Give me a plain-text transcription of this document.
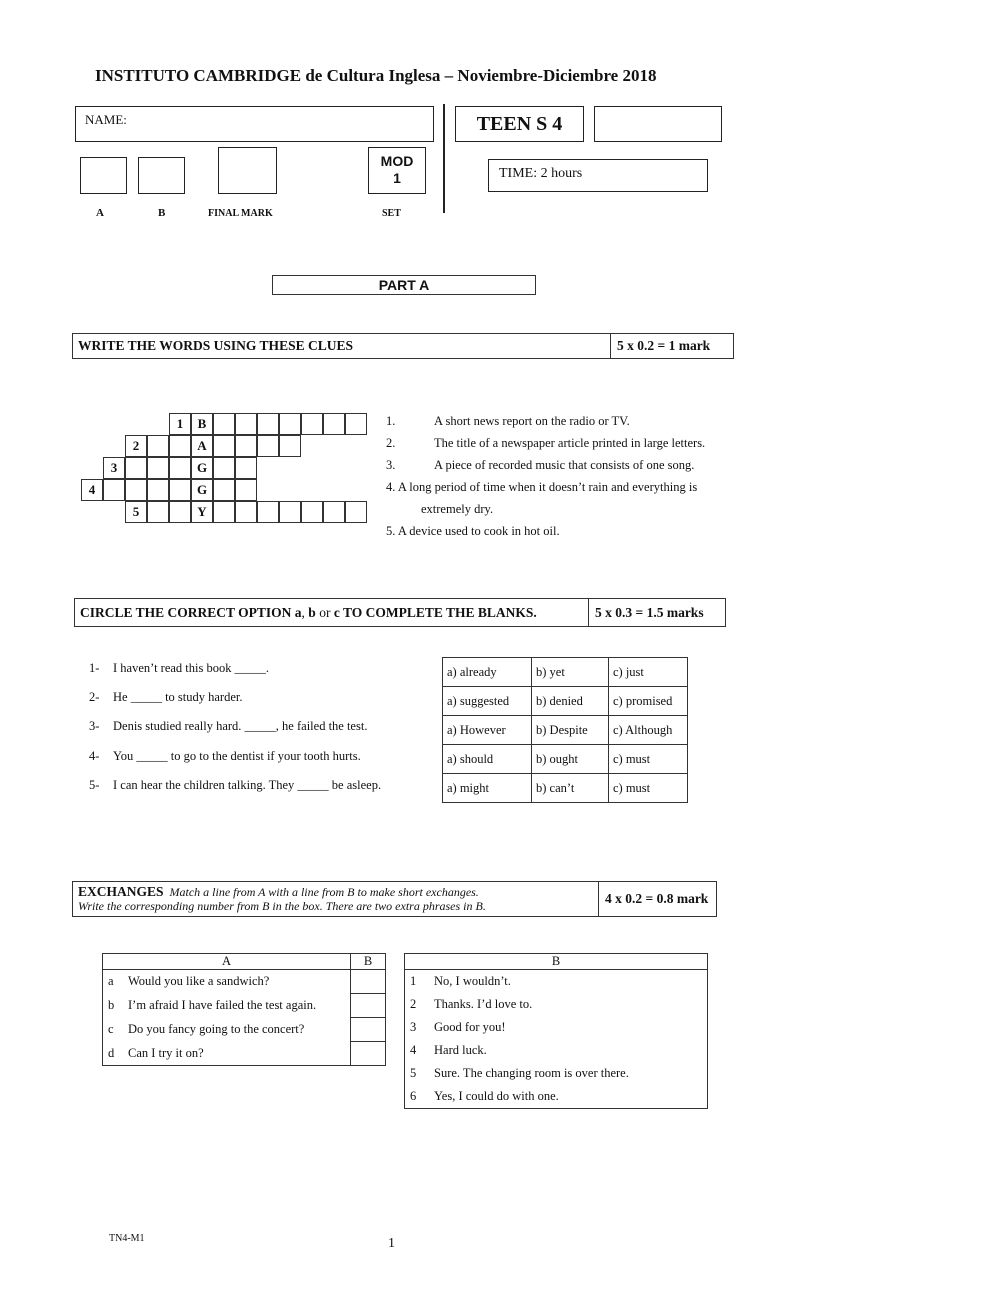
INSTITUTO CAMBRIDGE de Cultura Inglesa – Noviembre-Diciembre 2018
NAME:	TEEN S 4
MOD
1	TIME: 2 hours
A	B	FINAL MARK	SET
PART A
WRITE THE WORDS USING THESE CLUES	5 x 0.2 = 1 mark
1	B
2	A
3	G
4	G
5	Y
1.	A short news report on the radio or TV.
2.	The title of a newspaper article printed in large letters.
3.	A piece of recorded music that consists of one song.
4. A long period of time when it doesn’t rain and everything is
extremely dry.
5. A device used to cook in hot oil.
CIRCLE THE CORRECT OPTION a, b or c TO COMPLETE THE BLANKS.	5 x 0.3 = 1.5 marks
1- I haven’t read this book _____.
2- He _____ to study harder.
3- Denis studied really hard. _____, he failed the test.
4- You _____ to go to the dentist if your tooth hurts.
5- I can hear the children talking. They _____ be asleep.
a) already	b) yet	c) just
a) suggested	b) denied	c) promised
a) However	b) Despite	c) Although
a) should	b) ought	c) must
a) might	b) can’t	c) must
EXCHANGES Match a line from A with a line from B to make short exchanges.
Write the corresponding number from B in the box. There are two extra phrases in B.	4 x 0.2 = 0.8 mark
A		B
a	Would you like a sandwich?	
b	I’m afraid I have failed the test again.	
c	Do you fancy going to the concert?	
d	Can I try it on?	
B	
1	No, I wouldn’t.
2	Thanks. I’d love to.
3	Good for you!
4	Hard luck.
5	Sure. The changing room is over there.
6	Yes, I could do with one.
TN4-M1	1
